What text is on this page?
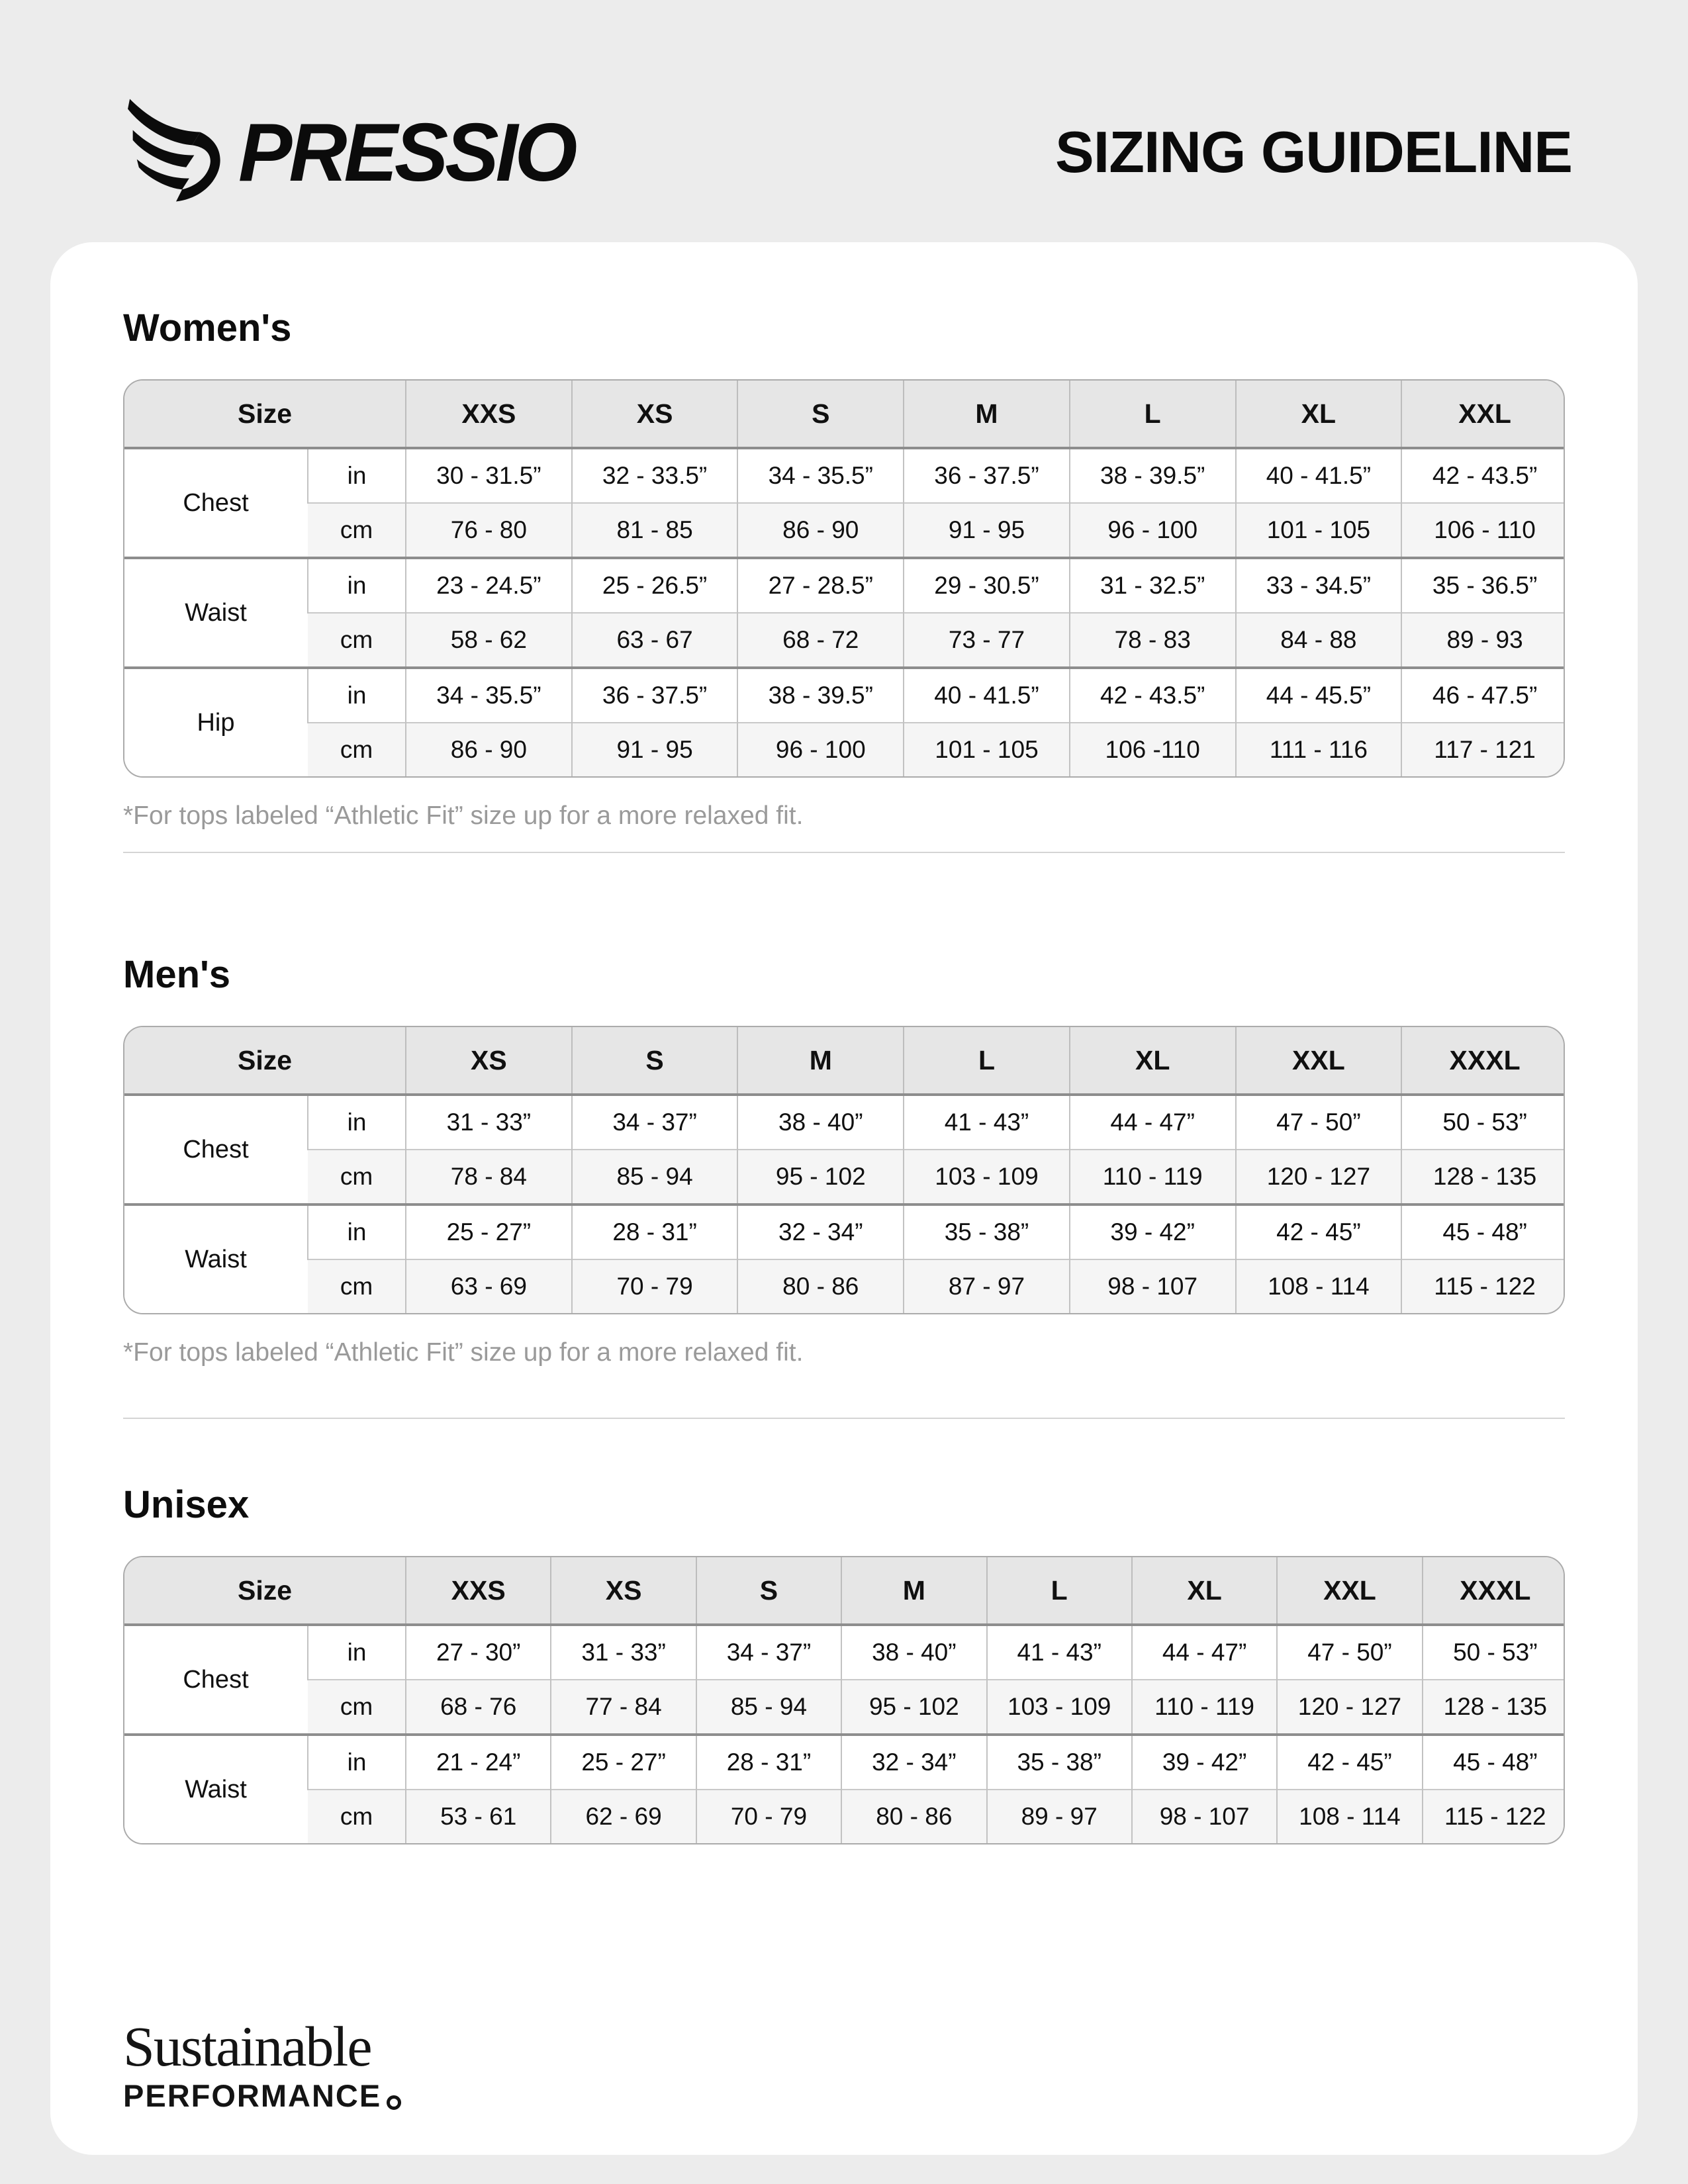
PRESSIO	SIZING GUIDELINE
Women's
Size		XXS	XS	S	M	L	XL	XXL
Chest	in	30 - 31.5”	32 - 33.5”	34 - 35.5”	36 - 37.5”	38 - 39.5”	40 - 41.5”	42 - 43.5”
	cm	76 - 80	81 - 85	86 - 90	91 - 95	96 - 100	101 - 105	106 - 110
Waist	in	23 - 24.5”	25 - 26.5”	27 - 28.5”	29 - 30.5”	31 - 32.5”	33 - 34.5”	35 - 36.5”
	cm	58 - 62	63 - 67	68 - 72	73 - 77	78 - 83	84 - 88	89 - 93
Hip	in	34 - 35.5”	36 - 37.5”	38 - 39.5”	40 - 41.5”	42 - 43.5”	44 - 45.5”	46 - 47.5”
	cm	86 - 90	91 - 95	96 - 100	101 - 105	106 -110	111 - 116	117 - 121

*For tops labeled “Athletic Fit” size up for a more relaxed fit.

Men's
Size		XS	S	M	L	XL	XXL	XXXL
Chest	in	31 - 33”	34 - 37”	38 - 40”	41 - 43”	44 - 47”	47 - 50”	50 - 53”
	cm	78 - 84	85 - 94	95 - 102	103 - 109	110 - 119	120 - 127	128 - 135
Waist	in	25 - 27”	28 - 31”	32 - 34”	35 - 38”	39 - 42”	42 - 45”	45 - 48”
	cm	63 - 69	70 - 79	80 - 86	87 - 97	98 - 107	108 - 114	115 - 122

*For tops labeled “Athletic Fit” size up for a more relaxed fit.

Unisex
Size		XXS	XS	S	M	L	XL	XXL	XXXL
Chest	in	27 - 30”	31 - 33”	34 - 37”	38 - 40”	41 - 43”	44 - 47”	47 - 50”	50 - 53”
	cm	68 - 76	77 - 84	85 - 94	95 - 102	103 - 109	110 - 119	120 - 127	128 - 135
Waist	in	21 - 24”	25 - 27”	28 - 31”	32 - 34”	35 - 38”	39 - 42”	42 - 45”	45 - 48”
	cm	53 - 61	62 - 69	70 - 79	80 - 86	89 - 97	98 - 107	108 - 114	115 - 122
Sustainable
PERFORMANCE
